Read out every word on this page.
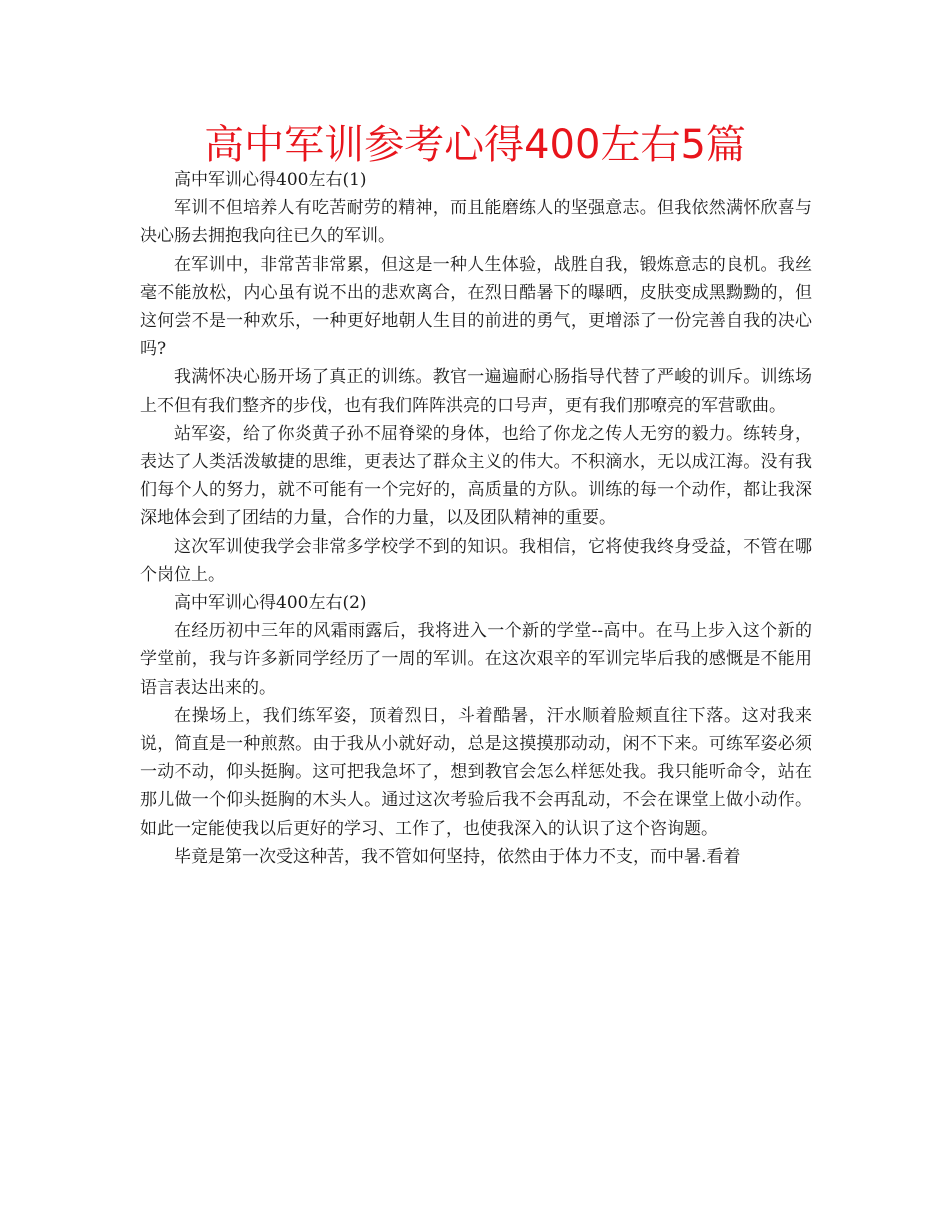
高中军训参考心得400左右5篇

高中军训心得400左右(1)

军训不但培养人有吃苦耐劳的精神，而且能磨练人的坚强意志。但我依然满怀欣喜与决心肠去拥抱我向往已久的军训。

在军训中，非常苦非常累，但这是一种人生体验，战胜自我，锻炼意志的良机。我丝毫不能放松，内心虽有说不出的悲欢离合，在烈日酷暑下的曝晒，皮肤变成黑黝黝的，但这何尝不是一种欢乐，一种更好地朝人生目的前进的勇气，更增添了一份完善自我的决心吗?

我满怀决心肠开场了真正的训练。教官一遍遍耐心肠指导代替了严峻的训斥。训练场上不但有我们整齐的步伐，也有我们阵阵洪亮的口号声，更有我们那嘹亮的军营歌曲。

站军姿，给了你炎黄子孙不屈脊梁的身体，也给了你龙之传人无穷的毅力。练转身，表达了人类活泼敏捷的思维，更表达了群众主义的伟大。不积滴水，无以成江海。没有我们每个人的努力，就不可能有一个完好的，高质量的方队。训练的每一个动作，都让我深深地体会到了团结的力量，合作的力量，以及团队精神的重要。

这次军训使我学会非常多学校学不到的知识。我相信，它将使我终身受益，不管在哪个岗位上。

高中军训心得400左右(2)

在经历初中三年的风霜雨露后，我将进入一个新的学堂--高中。在马上步入这个新的学堂前，我与许多新同学经历了一周的军训。在这次艰辛的军训完毕后我的感慨是不能用语言表达出来的。

在操场上，我们练军姿，顶着烈日，斗着酷暑，汗水顺着脸颊直往下落。这对我来说，简直是一种煎熬。由于我从小就好动，总是这摸摸那动动，闲不下来。可练军姿必须一动不动，仰头挺胸。这可把我急坏了，想到教官会怎么样惩处我。我只能听命令，站在那儿做一个仰头挺胸的木头人。通过这次考验后我不会再乱动，不会在课堂上做小动作。如此一定能使我以后更好的学习、工作了，也使我深入的认识了这个咨询题。

毕竟是第一次受这种苦，我不管如何坚持，依然由于体力不支，而中暑.看着
